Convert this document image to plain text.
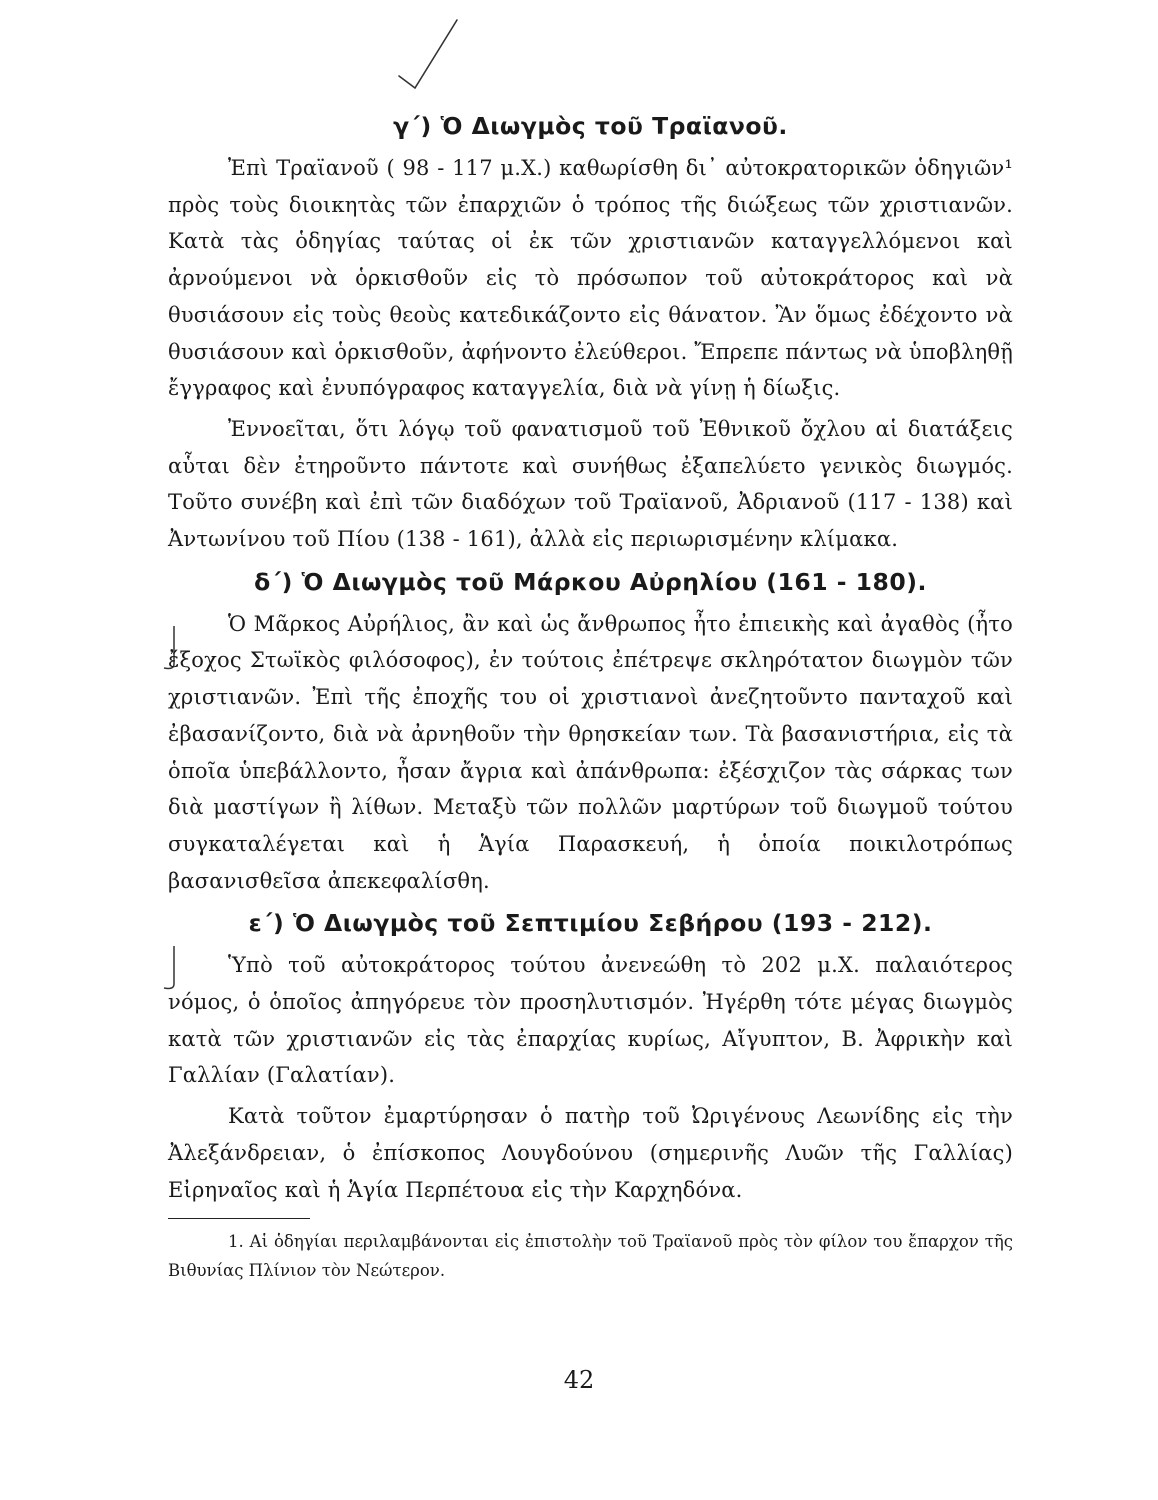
γ΄) Ὁ Διωγμὸς τοῦ Τραϊανοῦ.

Ἐπὶ Τραϊανοῦ ( 98 - 117 μ.Χ.) καθωρίσθη δι᾽ αὐτοκρατορικῶν ὁδηγιῶν¹ πρὸς τοὺς διοικητὰς τῶν ἐπαρχιῶν ὁ τρόπος τῆς διώξεως τῶν χριστιανῶν. Κατὰ τὰς ὁδηγίας ταύτας οἱ ἐκ τῶν χριστιανῶν καταγγελλόμενοι καὶ ἀρνούμενοι νὰ ὁρκισθοῦν εἰς τὸ πρόσωπον τοῦ αὐτοκράτορος καὶ νὰ θυσιάσουν εἰς τοὺς θεοὺς κατεδικάζοντο εἰς θάνατον. Ἂν ὅμως ἐδέχοντο νὰ θυσιάσουν καὶ ὁρκισθοῦν, ἀφήνοντο ἐλεύθεροι. Ἔπρεπε πάντως νὰ ὑποβληθῇ ἔγγραφος καὶ ἐνυπόγραφος καταγγελία, διὰ νὰ γίνῃ ἡ δίωξις.

Ἐννοεῖται, ὅτι λόγῳ τοῦ φανατισμοῦ τοῦ Ἐθνικοῦ ὄχλου αἱ διατάξεις αὗται δὲν ἐτηροῦντο πάντοτε καὶ συνήθως ἐξαπελύετο γενικὸς διωγμός. Τοῦτο συνέβη καὶ ἐπὶ τῶν διαδόχων τοῦ Τραϊανοῦ, Ἀδριανοῦ (117 - 138) καὶ Ἀντωνίνου τοῦ Πίου (138 - 161), ἀλλὰ εἰς περιωρισμένην κλίμακα.

δ΄) Ὁ Διωγμὸς τοῦ Μάρκου Αὐρηλίου (161 - 180).

Ὁ Μᾶρκος Αὐρήλιος, ἂν καὶ ὡς ἄνθρωπος ἦτο ἐπιεικὴς καὶ ἀγαθὸς (ἦτο ἔξοχος Στωϊκὸς φιλόσοφος), ἐν τούτοις ἐπέτρεψε σκληρότατον διωγμὸν τῶν χριστιανῶν. Ἐπὶ τῆς ἐποχῆς του οἱ χριστιανοὶ ἀνεζητοῦντο πανταχοῦ καὶ ἐβασανίζοντο, διὰ νὰ ἀρνηθοῦν τὴν θρησκείαν των. Τὰ βασανιστήρια, εἰς τὰ ὁποῖα ὑπεβάλλοντο, ἦσαν ἄγρια καὶ ἀπάνθρωπα: ἐξέσχιζον τὰς σάρκας των διὰ μαστίγων ἢ λίθων. Μεταξὺ τῶν πολλῶν μαρτύρων τοῦ διωγμοῦ τούτου συγκαταλέγεται καὶ ἡ Ἁγία Παρασκευή, ἡ ὁποία ποικιλοτρόπως βασανισθεῖσα ἀπεκεφαλίσθη.

ε΄) Ὁ Διωγμὸς τοῦ Σεπτιμίου Σεβήρου (193 - 212).

Ὑπὸ τοῦ αὐτοκράτορος τούτου ἀνενεώθη τὸ 202 μ.Χ. παλαιότερος νόμος, ὁ ὁποῖος ἀπηγόρευε τὸν προσηλυτισμόν. Ἠγέρθη τότε μέγας διωγμὸς κατὰ τῶν χριστιανῶν εἰς τὰς ἐπαρχίας κυρίως, Αἴγυπτον, Β. Ἀφρικὴν καὶ Γαλλίαν (Γαλατίαν).

Κατὰ τοῦτον ἐμαρτύρησαν ὁ πατὴρ τοῦ Ὠριγένους Λεωνίδης εἰς τὴν Ἀλεξάνδρειαν, ὁ ἐπίσκοπος Λουγδούνου (σημερινῆς Λυῶν τῆς Γαλλίας) Εἰρηναῖος καὶ ἡ Ἁγία Περπέτουα εἰς τὴν Καρχηδόνα.

1. Αἱ ὁδηγίαι περιλαμβάνονται εἰς ἐπιστολὴν τοῦ Τραϊανοῦ πρὸς τὸν φίλον του ἔπαρχον τῆς Βιθυνίας Πλίνιον τὸν Νεώτερον.

42
